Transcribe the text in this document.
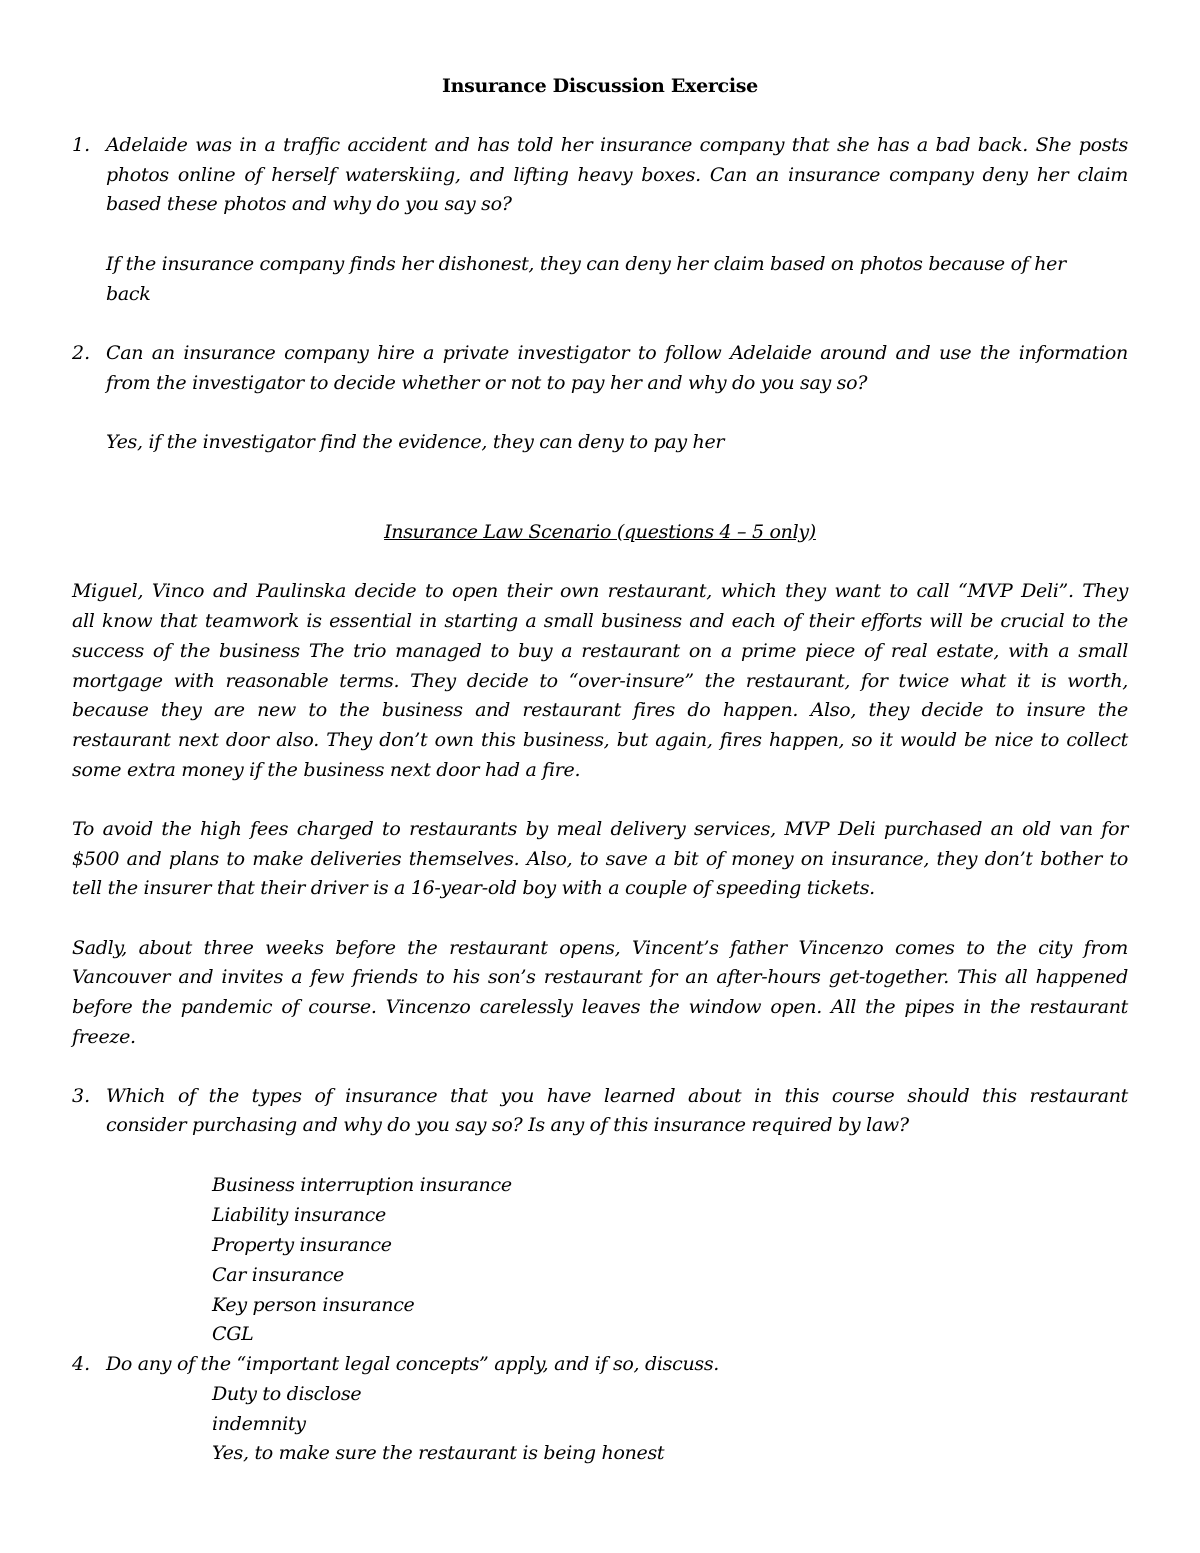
Insurance Discussion Exercise
1. Adelaide was in a traffic accident and has told her insurance company that she has a bad back. She posts
photos online of herself waterskiing, and lifting heavy boxes. Can an insurance company deny her claim
based these photos and why do you say so?
If the insurance company finds her dishonest, they can deny her claim based on photos because of her
back
2. Can an insurance company hire a private investigator to follow Adelaide around and use the information
from the investigator to decide whether or not to pay her and why do you say so?
Yes, if the investigator find the evidence, they can deny to pay her
Insurance Law Scenario (questions 4 – 5 only)
Miguel, Vinco and Paulinska decide to open their own restaurant, which they want to call “MVP Deli”. They
all know that teamwork is essential in starting a small business and each of their efforts will be crucial to the
success of the business The trio managed to buy a restaurant on a prime piece of real estate, with a small
mortgage with reasonable terms. They decide to “over-insure” the restaurant, for twice what it is worth,
because they are new to the business and restaurant fires do happen. Also, they decide to insure the
restaurant next door also. They don’t own this business, but again, fires happen, so it would be nice to collect
some extra money if the business next door had a fire.
To avoid the high fees charged to restaurants by meal delivery services, MVP Deli purchased an old van for
$500 and plans to make deliveries themselves. Also, to save a bit of money on insurance, they don’t bother to
tell the insurer that their driver is a 16-year-old boy with a couple of speeding tickets.
Sadly, about three weeks before the restaurant opens, Vincent’s father Vincenzo comes to the city from
Vancouver and invites a few friends to his son’s restaurant for an after-hours get-together. This all happened
before the pandemic of course. Vincenzo carelessly leaves the window open. All the pipes in the restaurant
freeze.
3. Which of the types of insurance that you have learned about in this course should this restaurant
consider purchasing and why do you say so? Is any of this insurance required by law?
Business interruption insurance
Liability insurance
Property insurance
Car insurance
Key person insurance
CGL
4. Do any of the “important legal concepts” apply, and if so, discuss.
Duty to disclose
indemnity
Yes, to make sure the restaurant is being honest
